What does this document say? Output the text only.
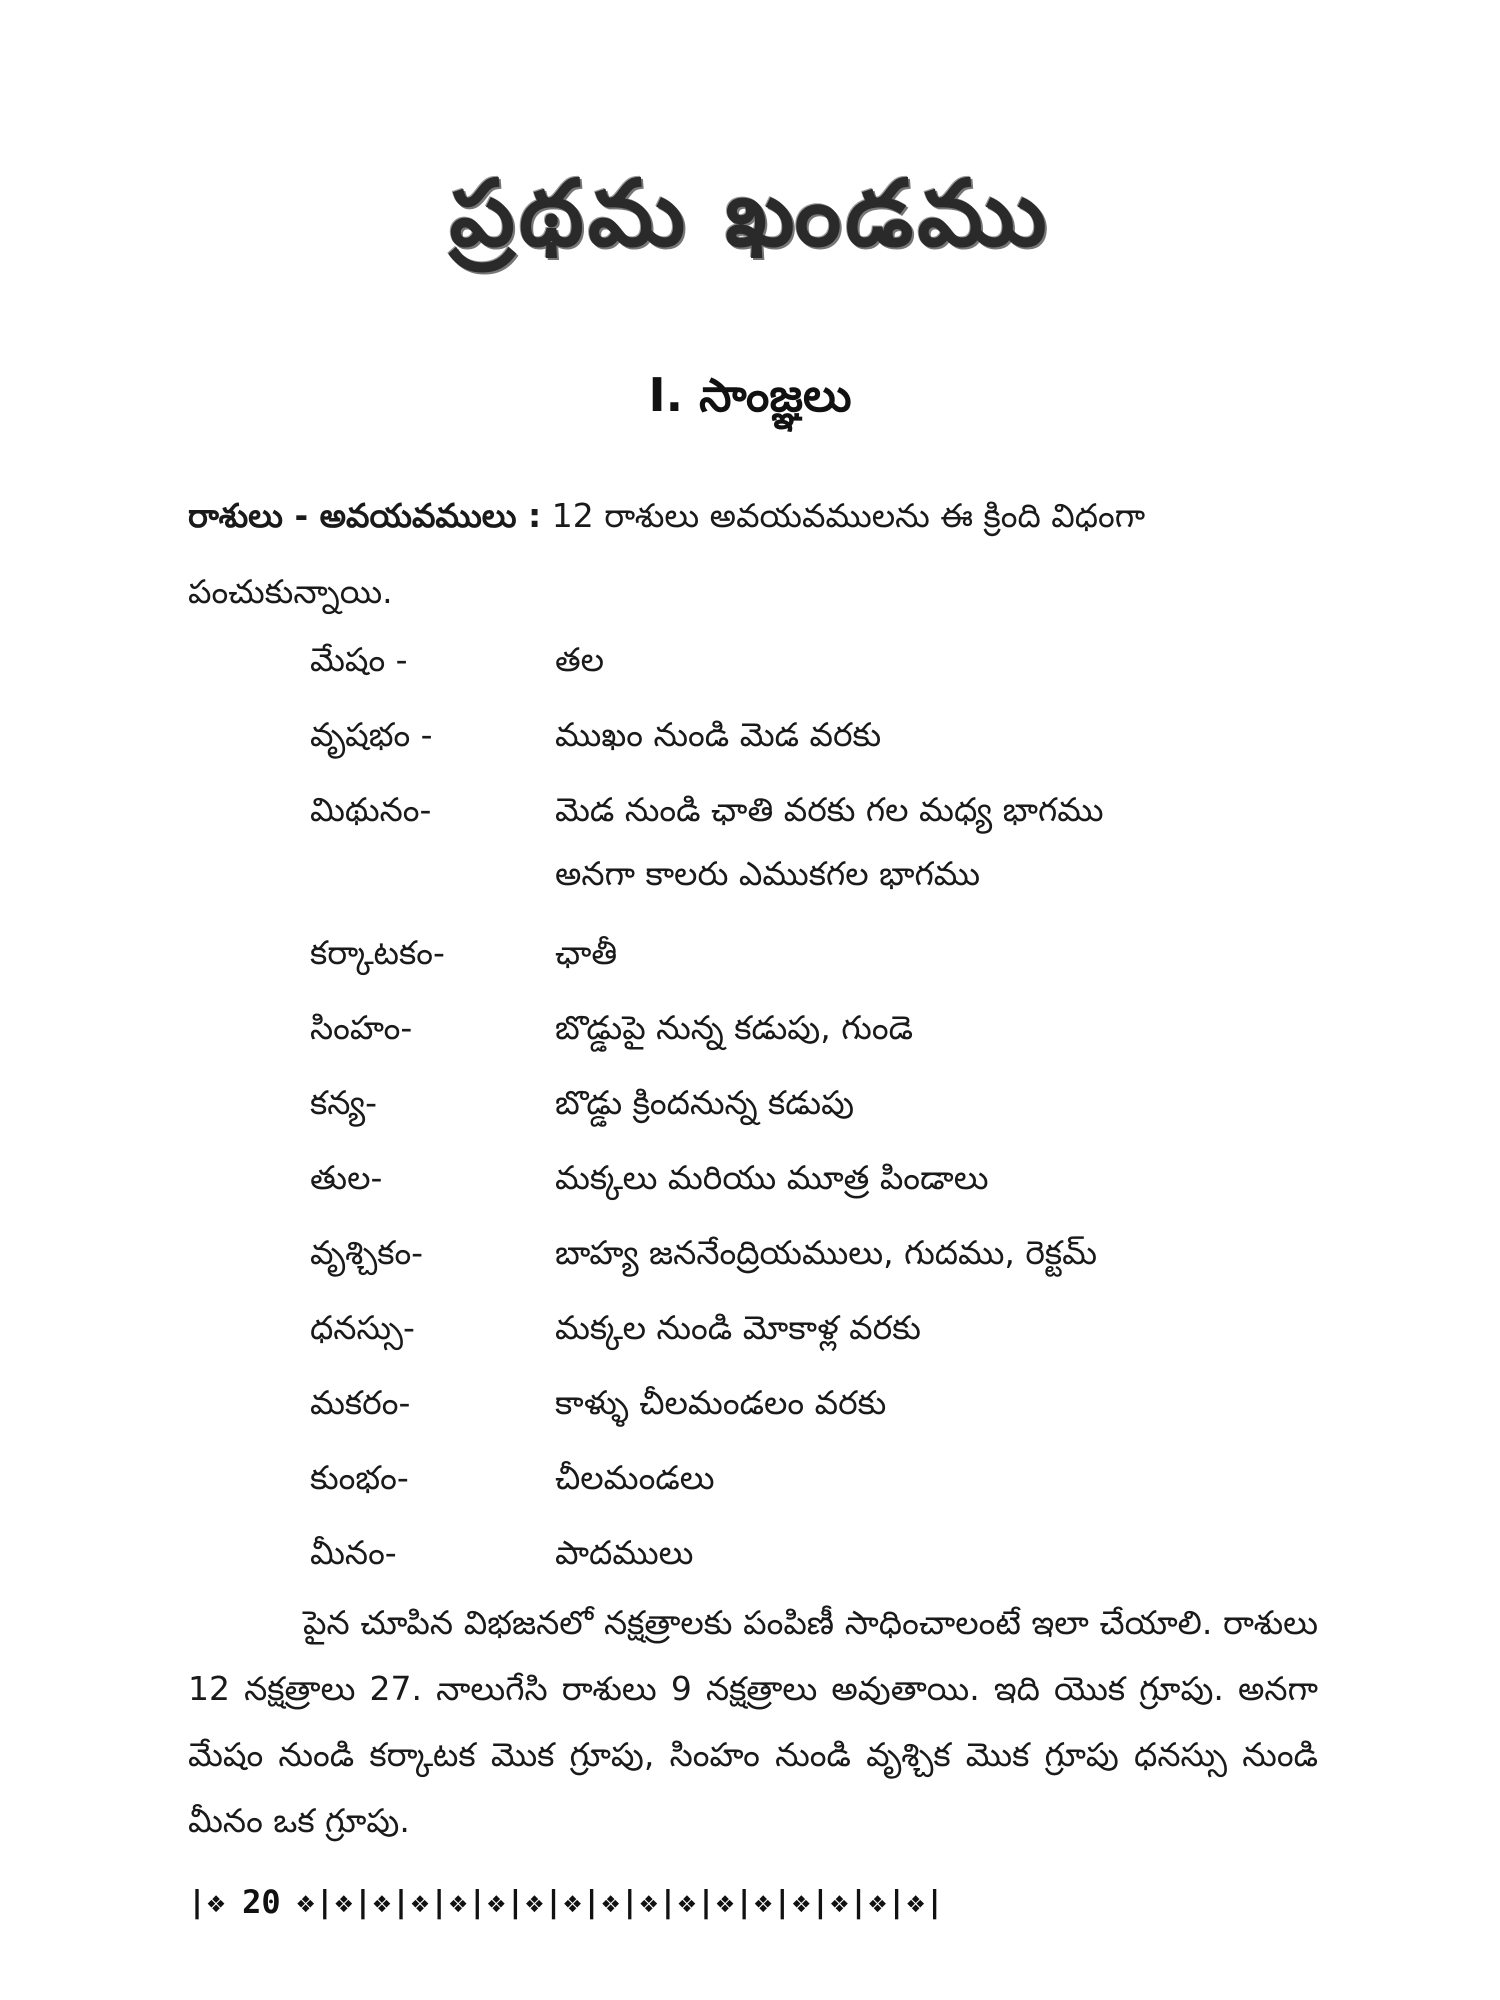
ప్రథమ ఖండము
I. సాంజ్ఞలు
రాశులు - అవయవములు : 12 రాశులు అవయవములను ఈ క్రింది విధంగా పంచుకున్నాయి.
మేషం -	తల
వృషభం -	ముఖం నుండి మెడ వరకు
మిథునం-	మెడ నుండి ఛాతి వరకు గల మధ్య భాగము
అనగా కాలరు ఎముకగల భాగము
కర్కాటకం-	ఛాతీ
సింహం-	బొడ్డుపై నున్న కడుపు, గుండె
కన్య-	బొడ్డు క్రిందనున్న కడుపు
తుల-	మక్కలు మరియు మూత్ర పిండాలు
వృశ్చికం-	బాహ్య జననేంద్రియములు, గుదము, రెక్టమ్
ధనస్సు-	మక్కల నుండి మోకాళ్ల వరకు
మకరం-	కాళ్ళు చీలమండలం వరకు
కుంభం-	చీలమండలు
మీనం-	పాదములు
పైన చూపిన విభజనలో నక్షత్రాలకు పంపిణీ సాధించాలంటే ఇలా చేయాలి. రాశులు 12 నక్షత్రాలు 27. నాలుగేసి రాశులు 9 నక్షత్రాలు అవుతాయి. ఇది యొక గ్రూపు. అనగా మేషం నుండి కర్కాటక మొక గ్రూపు, సింహం నుండి వృశ్చిక మొక గ్రూపు ధనస్సు నుండి మీనం ఒక గ్రూపు.
|❖ 20 ❖|❖|❖|❖|❖|❖|❖|❖|❖|❖|❖|❖|❖|❖|❖|❖|❖|
